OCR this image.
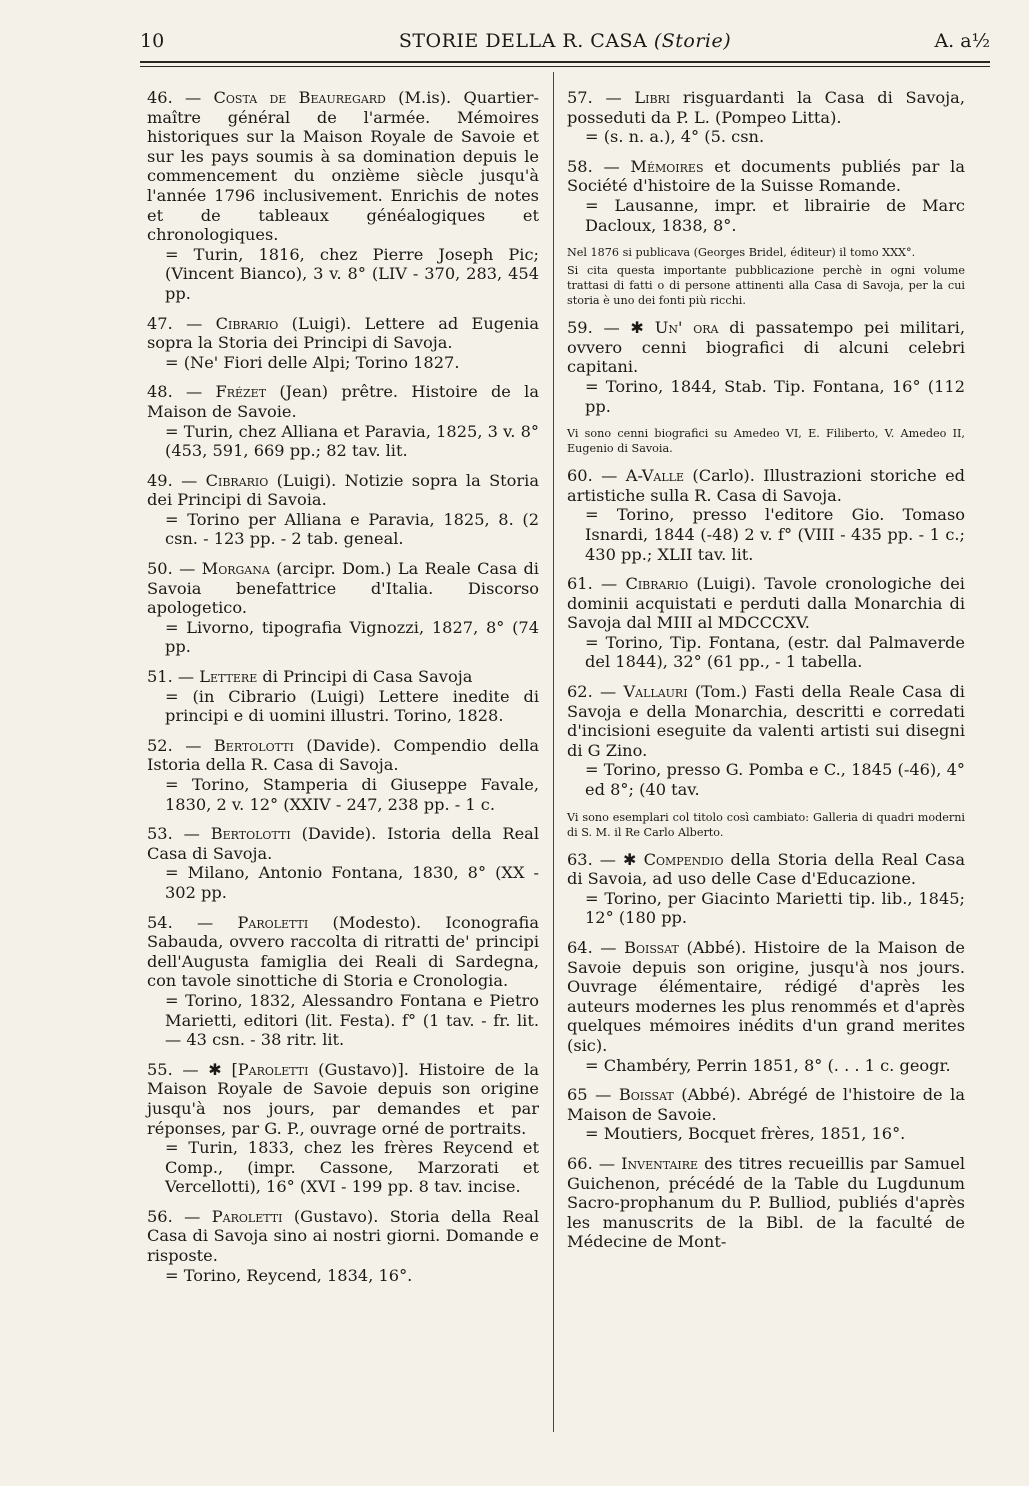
10	STORIE DELLA R. CASA (Storie)	A. a½

46. — Costa de Beauregard (M.is). Quartier-maître général de l'armée. Mémoires historiques sur la Maison Royale de Savoie et sur les pays soumis à sa domination depuis le commencement du onzième siècle jusqu'à l'année 1796 inclusivement. Enrichis de notes et de tableaux généalogiques et chronologiques.

= Turin, 1816, chez Pierre Joseph Pic; (Vincent Bianco), 3 v. 8° (LIV - 370, 283, 454 pp.

47. — Cibrario (Luigi). Lettere ad Eugenia sopra la Storia dei Principi di Savoja.

= (Ne' Fiori delle Alpi; Torino 1827.

48. — Frézet (Jean) prêtre. Histoire de la Maison de Savoie.

= Turin, chez Alliana et Paravia, 1825, 3 v. 8° (453, 591, 669 pp.; 82 tav. lit.

49. — Cibrario (Luigi). Notizie sopra la Storia dei Principi di Savoia.

= Torino per Alliana e Paravia, 1825, 8. (2 csn. - 123 pp. - 2 tab. geneal.

50. — Morgana (arcipr. Dom.) La Reale Casa di Savoia benefattrice d'Italia. Discorso apologetico.

= Livorno, tipografia Vignozzi, 1827, 8° (74 pp.

51. — Lettere di Principi di Casa Savoja

= (in Cibrario (Luigi) Lettere inedite di principi e di uomini illustri. Torino, 1828.

52. — Bertolotti (Davide). Compendio della Istoria della R. Casa di Savoja.

= Torino, Stamperia di Giuseppe Favale, 1830, 2 v. 12° (XXIV - 247, 238 pp. - 1 c.

53. — Bertolotti (Davide). Istoria della Real Casa di Savoja.

= Milano, Antonio Fontana, 1830, 8° (XX - 302 pp.

54. — Paroletti (Modesto). Iconografia Sabauda, ovvero raccolta di ritratti de' principi dell'Augusta famiglia dei Reali di Sardegna, con tavole sinottiche di Storia e Cronologia.

= Torino, 1832, Alessandro Fontana e Pietro Marietti, editori (lit. Festa). f° (1 tav. - fr. lit. — 43 csn. - 38 ritr. lit.

55. — ✱ [Paroletti (Gustavo)]. Histoire de la Maison Royale de Savoie depuis son origine jusqu'à nos jours, par demandes et par réponses, par G. P., ouvrage orné de portraits.

= Turin, 1833, chez les frères Reycend et Comp., (impr. Cassone, Marzorati et Vercellotti), 16° (XVI - 199 pp. 8 tav. incise.

56. — Paroletti (Gustavo). Storia della Real Casa di Savoja sino ai nostri giorni. Domande e risposte.

= Torino, Reycend, 1834, 16°.

57. — Libri risguardanti la Casa di Savoja, posseduti da P. L. (Pompeo Litta).

= (s. n. a.), 4° (5. csn.

58. — Mémoires et documents publiés par la Société d'histoire de la Suisse Romande.

= Lausanne, impr. et librairie de Marc Dacloux, 1838, 8°.

Nel 1876 si publicava (Georges Bridel, éditeur) il tomo XXX°.

Si cita questa importante pubblicazione perchè in ogni volume trattasi di fatti o di persone attinenti alla Casa di Savoja, per la cui storia è uno dei fonti più ricchi.

59. — ✱ Un' ora di passatempo pei militari, ovvero cenni biografici di alcuni celebri capitani.

= Torino, 1844, Stab. Tip. Fontana, 16° (112 pp.

Vi sono cenni biografici su Amedeo VI, E. Filiberto, V. Amedeo II, Eugenio di Savoia.

60. — A-Valle (Carlo). Illustrazioni storiche ed artistiche sulla R. Casa di Savoja.

= Torino, presso l'editore Gio. Tomaso Isnardi, 1844 (-48) 2 v. f° (VIII - 435 pp. - 1 c.; 430 pp.; XLII tav. lit.

61. — Cibrario (Luigi). Tavole cronologiche dei dominii acquistati e perduti dalla Monarchia di Savoja dal MIII al MDCCCXV.

= Torino, Tip. Fontana, (estr. dal Palmaverde del 1844), 32° (61 pp., - 1 tabella.

62. — Vallauri (Tom.) Fasti della Reale Casa di Savoja e della Monarchia, descritti e corredati d'incisioni eseguite da valenti artisti sui disegni di G Zino.

= Torino, presso G. Pomba e C., 1845 (-46), 4° ed 8°; (40 tav.

Vi sono esemplari col titolo così cambiato: Galleria di quadri moderni di S. M. il Re Carlo Alberto.

63. — ✱ Compendio della Storia della Real Casa di Savoia, ad uso delle Case d'Educazione.

= Torino, per Giacinto Marietti tip. lib., 1845; 12° (180 pp.

64. — Boissat (Abbé). Histoire de la Maison de Savoie depuis son origine, jusqu'à nos jours. Ouvrage élémentaire, rédigé d'après les auteurs modernes les plus renommés et d'après quelques mémoires inédits d'un grand merites (sic).

= Chambéry, Perrin 1851, 8° (. . . 1 c. geogr.

65 — Boissat (Abbé). Abrégé de l'histoire de la Maison de Savoie.

= Moutiers, Bocquet frères, 1851, 16°.

66. — Inventaire des titres recueillis par Samuel Guichenon, précédé de la Table du Lugdunum Sacro-prophanum du P. Bulliod, publiés d'après les manuscrits de la Bibl. de la faculté de Médecine de Mont-
